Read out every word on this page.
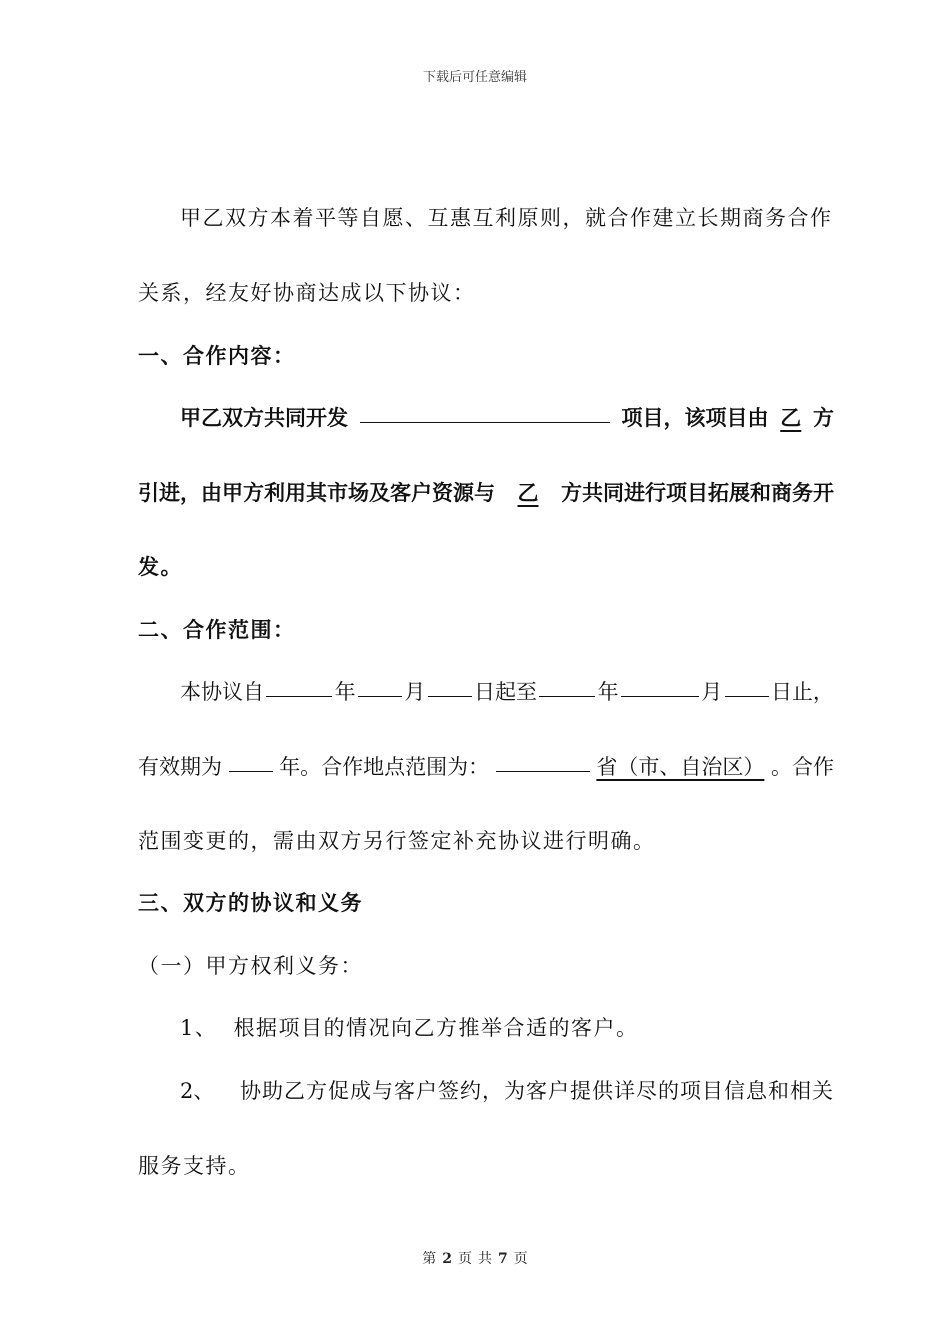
下载后可任意编辑
甲乙双方本着平等自愿、互惠互利原则，就合作建立长期商务合作
关系，经友好协商达成以下协议：
一、合作内容：
甲乙双方共同开发	项目，该项目由 乙 方
引进，由甲方利用其市场及客户资源与 乙 方共同进行项目拓展和商务开
发。
二、合作范围：
本协议自	年 月 日起至	年	月 日止，
有效期为	年。合作地点范围为：	省（市、自治区） 。合作
范围变更的，需由双方另行签定补充协议进行明确。
三、双方的协议和义务
（一）甲方权利义务：
1、 根据项目的情况向乙方推举合适的客户。
2、 协助乙方促成与客户签约，为客户提供详尽的项目信息和相关
服务支持。
第 2 页 共 7 页
